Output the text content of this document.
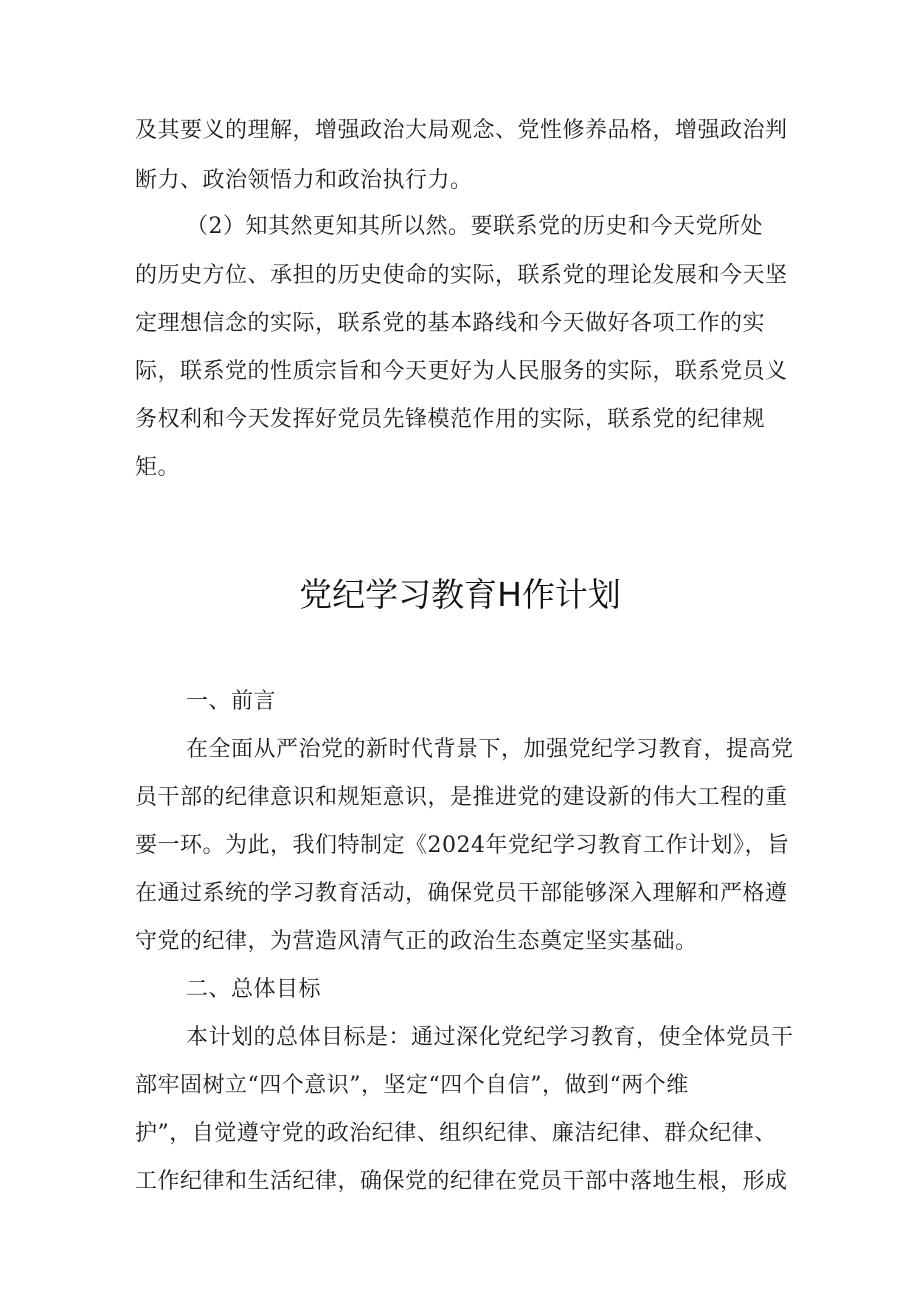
及其要义的理解，增强政治大局观念、党性修养品格，增强政治判
断力、政治领悟力和政治执行力。
（2）知其然更知其所以然。要联系党的历史和今天党所处
的历史方位、承担的历史使命的实际，联系党的理论发展和今天坚
定理想信念的实际，联系党的基本路线和今天做好各项工作的实
际，联系党的性质宗旨和今天更好为人民服务的实际，联系党员义
务权利和今天发挥好党员先锋模范作用的实际，联系党的纪律规
矩。
党纪学习教育H作计划
一、前言
在全面从严治党的新时代背景下，加强党纪学习教育，提高党
员干部的纪律意识和规矩意识，是推进党的建设新的伟大工程的重
要一环。为此，我们特制定《2024年党纪学习教育工作计划》，旨
在通过系统的学习教育活动，确保党员干部能够深入理解和严格遵
守党的纪律，为营造风清气正的政治生态奠定坚实基础。
二、总体目标
本计划的总体目标是：通过深化党纪学习教育，使全体党员干
部牢固树立“四个意识”，坚定“四个自信”，做到“两个维
护”，自觉遵守党的政治纪律、组织纪律、廉洁纪律、群众纪律、
工作纪律和生活纪律，确保党的纪律在党员干部中落地生根，形成
